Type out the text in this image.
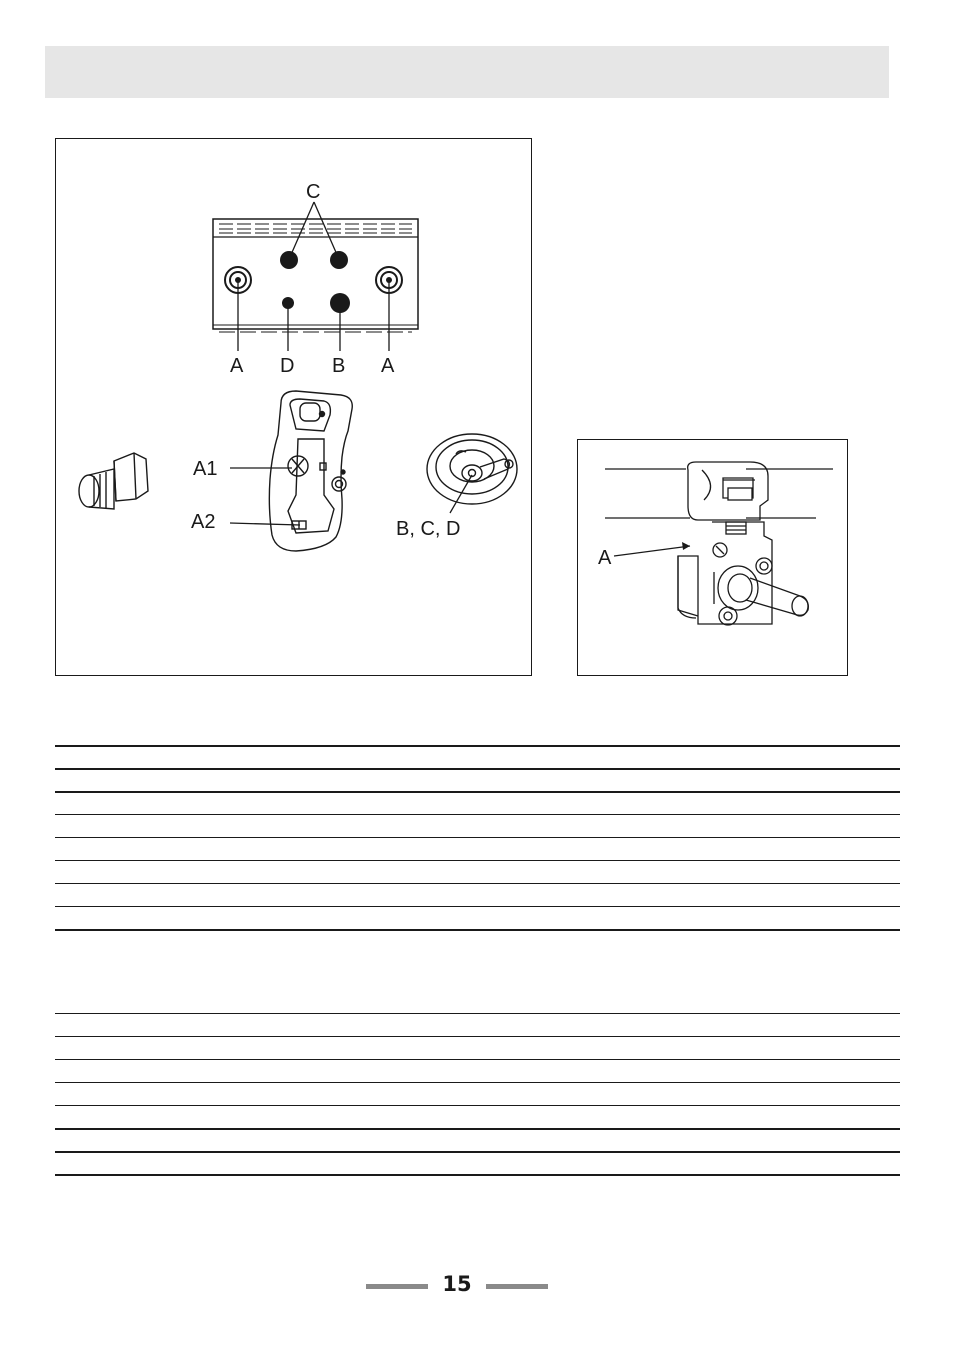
C
A D B A
A1
A2	B, C, D
A
15
